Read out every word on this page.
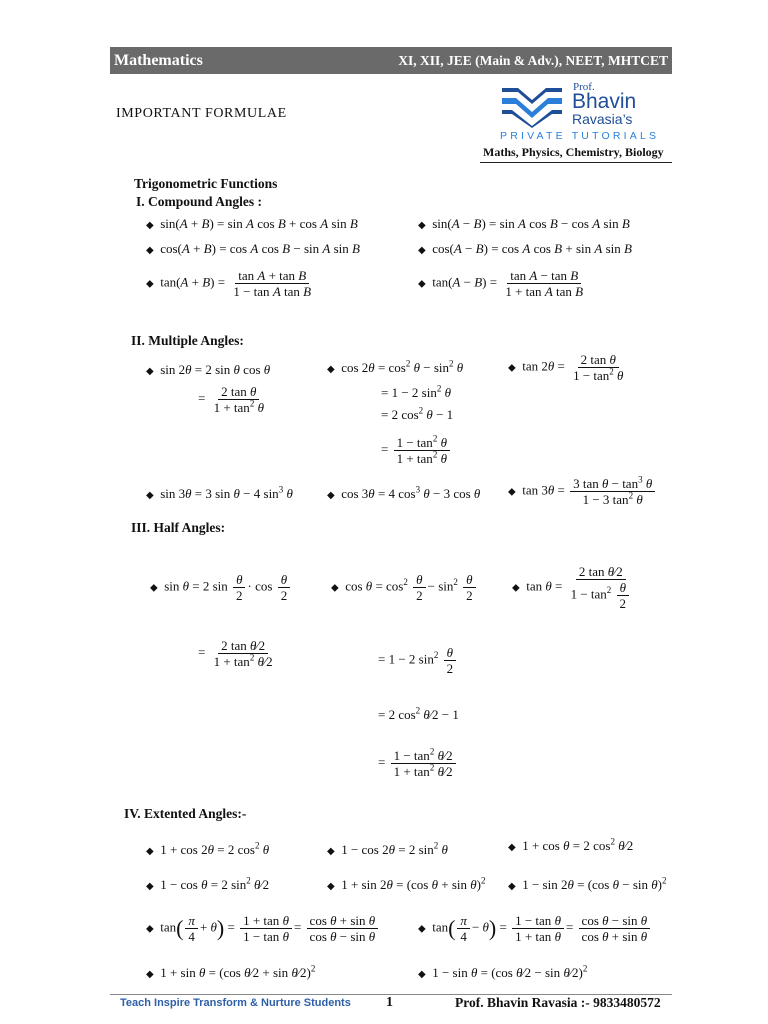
Mathematics	XI, XII, JEE (Main & Adv.), NEET, MHTCET
IMPORTANT FORMULAE
Prof.
Bhavin
Ravasia’s
PRIVATE TUTORIALS
Maths, Physics, Chemistry, Biology
Trigonometric Functions
I. Compound Angles :
◆  sin(A + B) = sin A cos B + cos A sin B	◆  sin(A − B) = sin A cos B − cos A sin B
◆  cos(A + B) = cos A cos B − sin A sin B	◆  cos(A − B) = cos A cos B + sin A sin B
◆  $\tan(A + B) = \frac{\text{tan A + tan B}}{\text{1 − tan A tan B}}$	◆  $\tan(A - B) = \frac{\text{tan A − tan B}}{\text{1 + tan A tan B}}$
II. Multiple Angles:
◆  sin 2θ = 2 sin θ cos θ
= $\frac{\text{2 tan θ}}{1 + \tan^2 \theta}$
◆  $\cos 2\theta = \cos^2 \theta - \sin^2 \theta$
= 1 − 2 $\sin^2 \theta$
= 2 $\cos^2 \theta - 1$
= $\frac{1 - \tan^2 \theta}{1 + \tan^2 \theta}$
◆  $\tan 2\theta = \frac{\text{2 tan θ}}{1 - \tan^2 \theta}$
◆  sin 3θ = 3 sin θ − 4 $\sin^3 \theta$	◆  cos 3θ = 4 $\cos^3 \theta - 3$ cos θ	◆  $\tan 3\theta = \frac{3 \tan \theta - \tan^3 \theta}{1 - 3 \tan^2 \theta}$
III. Half Angles:
◆  sin θ = 2 $\sin \frac{\theta}{2} \cdot \cos \frac{\theta}{2}$	◆  $\cos \theta = \cos^2 \frac{\theta}{2} - \sin^2 \frac{\theta}{2}$	◆  $\tan \theta = \frac{\text{2 tan θ⁄2}}{1 - \tan^2 \frac{\theta}{2}}$
= $\frac{\text{2 tan θ⁄2}}{1 + \tan^2 \theta⁄2}$	= 1 − 2 $\sin^2 \frac{\theta}{2}$
= 2 $\cos^2$ θ⁄2 − 1
= $\frac{1 - \tan^2 \theta⁄2}{1 + \tan^2 \theta⁄2}$
IV. Extented Angles:-
◆  1 + cos 2θ = 2 $\cos^2 \theta$	◆  1 − cos 2θ = 2 $\sin^2 \theta$	◆  1 + cos θ = 2 $\cos^2$ θ⁄2
◆  1 − cos θ = 2 $\sin^2$ θ⁄2	◆  1 + sin 2θ = (cos θ + sin θ)$^2$
◆  1 − sin 2θ = (cos θ − sin θ)$^2$
◆  $\tan( \frac{\pi}{4} + \theta) = \frac{\text{1 + tan θ}}{\text{1 − tan θ}} = \frac{\text{cos θ + sin θ}}{\text{cos θ − sin θ}}$	◆  $\tan( \frac{\pi}{4} - \theta) = \frac{\text{1 − tan θ}}{\text{1 + tan θ}} = \frac{\text{cos θ − sin θ}}{\text{cos θ + sin θ}}$
◆  1 + sin θ = (cos θ⁄2 + sin θ⁄2)$^2$
◆  1 − sin θ = (cos θ⁄2 − sin θ⁄2)$^2$
Teach Inspire Transform & Nurture Students	1	Prof. Bhavin Ravasia :- 9833480572
